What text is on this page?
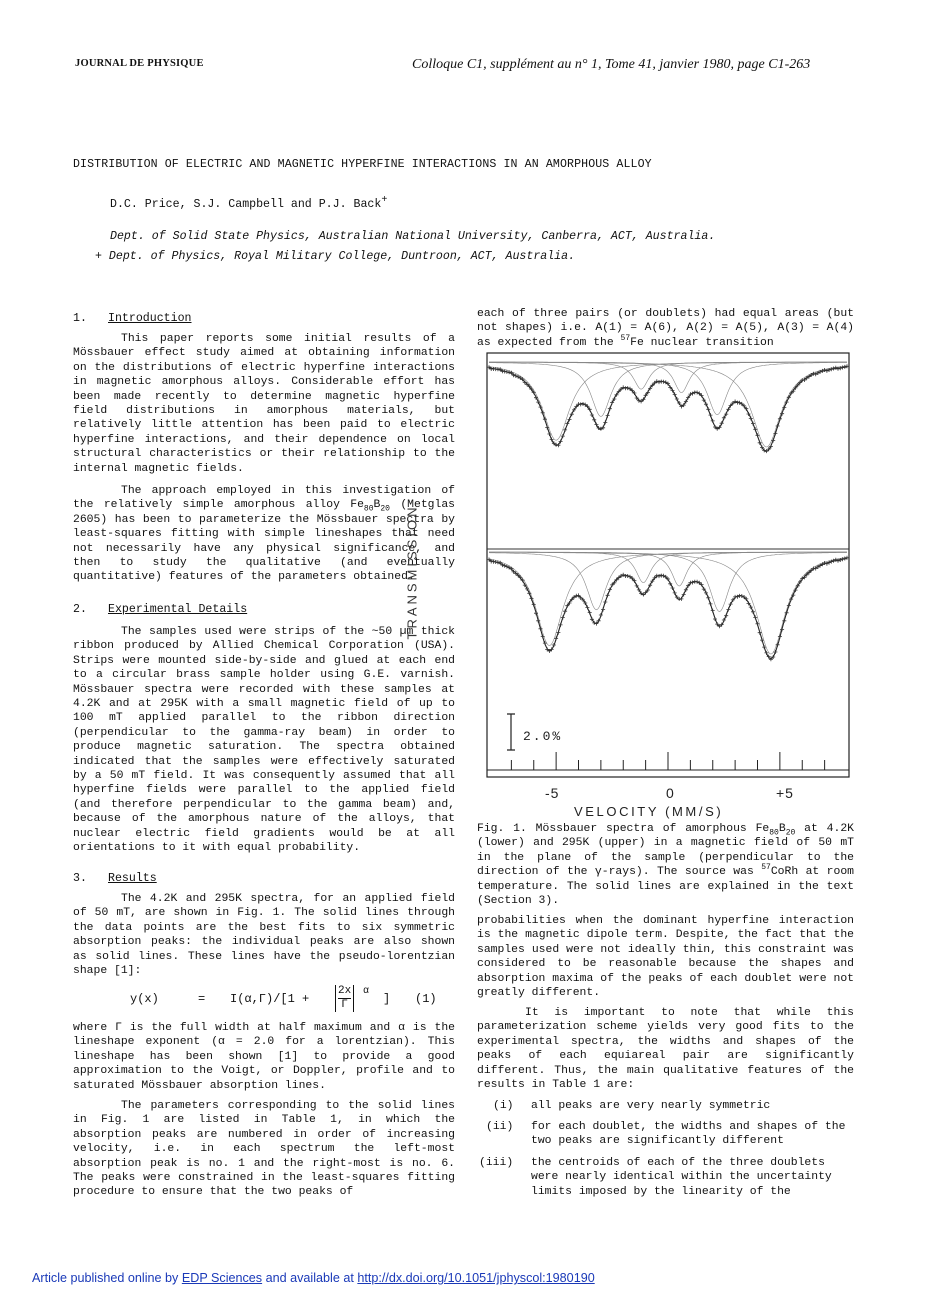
JOURNAL DE PHYSIQUE	Colloque C1, supplément au n° 1, Tome 41, janvier 1980, page C1-263
DISTRIBUTION OF ELECTRIC AND MAGNETIC HYPERFINE INTERACTIONS IN AN AMORPHOUS ALLOY
D.C. Price, S.J. Campbell and P.J. Back+
Dept. of Solid State Physics, Australian National University, Canberra, ACT, Australia.
+ Dept. of Physics, Royal Military College, Duntroon, ACT, Australia.
1. Introduction

This paper reports some initial results of a Mössbauer effect study aimed at obtaining information on the distributions of electric hyperfine interactions in magnetic amorphous alloys. Considerable effort has been made recently to determine magnetic hyperfine field distributions in amorphous materials, but relatively little attention has been paid to electric hyperfine interactions, and their dependence on local structural characteristics or their relationship to the internal magnetic fields.

The approach employed in this investigation of the relatively simple amorphous alloy $Fe_{80}B_{20}$ (Metglas 2605) has been to parameterize the Mössbauer spectra by least-squares fitting with simple lineshapes that need not necessarily have any physical significance, and then to study the qualitative (and eventually quantitative) features of the parameters obtained.

2. Experimental Details

The samples used were strips of the ~50 µm thick ribbon produced by Allied Chemical Corporation (USA). Strips were mounted side-by-side and glued at each end to a circular brass sample holder using G.E. varnish. Mössbauer spectra were recorded with these samples at 4.2K and at 295K with a small magnetic field of up to 100 mT applied parallel to the ribbon direction (perpendicular to the gamma-ray beam) in order to produce magnetic saturation. The spectra obtained indicated that the samples were effectively saturated by a 50 mT field. It was consequently assumed that all hyperfine fields were parallel to the applied field (and therefore perpendicular to the gamma beam) and, because of the amorphous nature of the alloys, that nuclear electric field gradients would be at all orientations to it with equal probability.

3. Results

The 4.2K and 295K spectra, for an applied field of 50 mT, are shown in Fig. 1. The solid lines through the data points are the best fits to six symmetric absorption peaks: the individual peaks are also shown as solid lines. These lines have the pseudo-lorentzian shape [1]:

y(x)	= $I(\alpha,\Gamma)/[1 + \frac{2x}{\Gamma}$ α
] (1)

where Γ is the full width at half maximum and α is the lineshape exponent (α = 2.0 for a lorentzian). This lineshape has been shown [1] to provide a good approximation to the Voigt, or Doppler, profile and to saturated Mössbauer absorption lines.

The parameters corresponding to the solid lines in Fig. 1 are listed in Table 1, in which the absorption peaks are numbered in order of increasing velocity, i.e. in each spectrum the left-most absorption peak is no. 1 and the right-most is no. 6. The peaks were constrained in the least-squares fitting procedure to ensure that the two peaks of

each of three pairs (or doublets) had equal areas (but not shapes) i.e. A(1) = A(6), A(2) = A(5), A(3) = A(4) as expected from the $^{57}$Fe nuclear transition

2.0%
-5	0	+5
VELOCITY (MM/S)
TRANSMISSION

Fig. 1. Mössbauer spectra of amorphous $Fe_{80}B_{20}$ at 4.2K (lower) and 295K (upper) in a magnetic field of 50 mT in the plane of the sample (perpendicular to the direction of the γ-rays). The source was $^{57}$CoRh at room temperature. The solid lines are explained in the text (Section 3).

probabilities when the dominant hyperfine interaction is the magnetic dipole term. Despite, the fact that the samples used were not ideally thin, this constraint was considered to be reasonable because the shapes and absorption maxima of the peaks of each doublet were not greatly different.

It is important to note that while this parameterization scheme yields very good fits to the experimental spectra, the widths and shapes of the peaks of each equiareal pair are significantly different. Thus, the main qualitative features of the results in Table 1 are:

(i) all peaks are very nearly symmetric
(ii) for each doublet, the widths and shapes of the two peaks are significantly different
(iii) the centroids of each of the three doublets were nearly identical within the uncertainty limits imposed by the linearity of the
Article published online by EDP Sciences and available at http://dx.doi.org/10.1051/jphyscol:1980190
